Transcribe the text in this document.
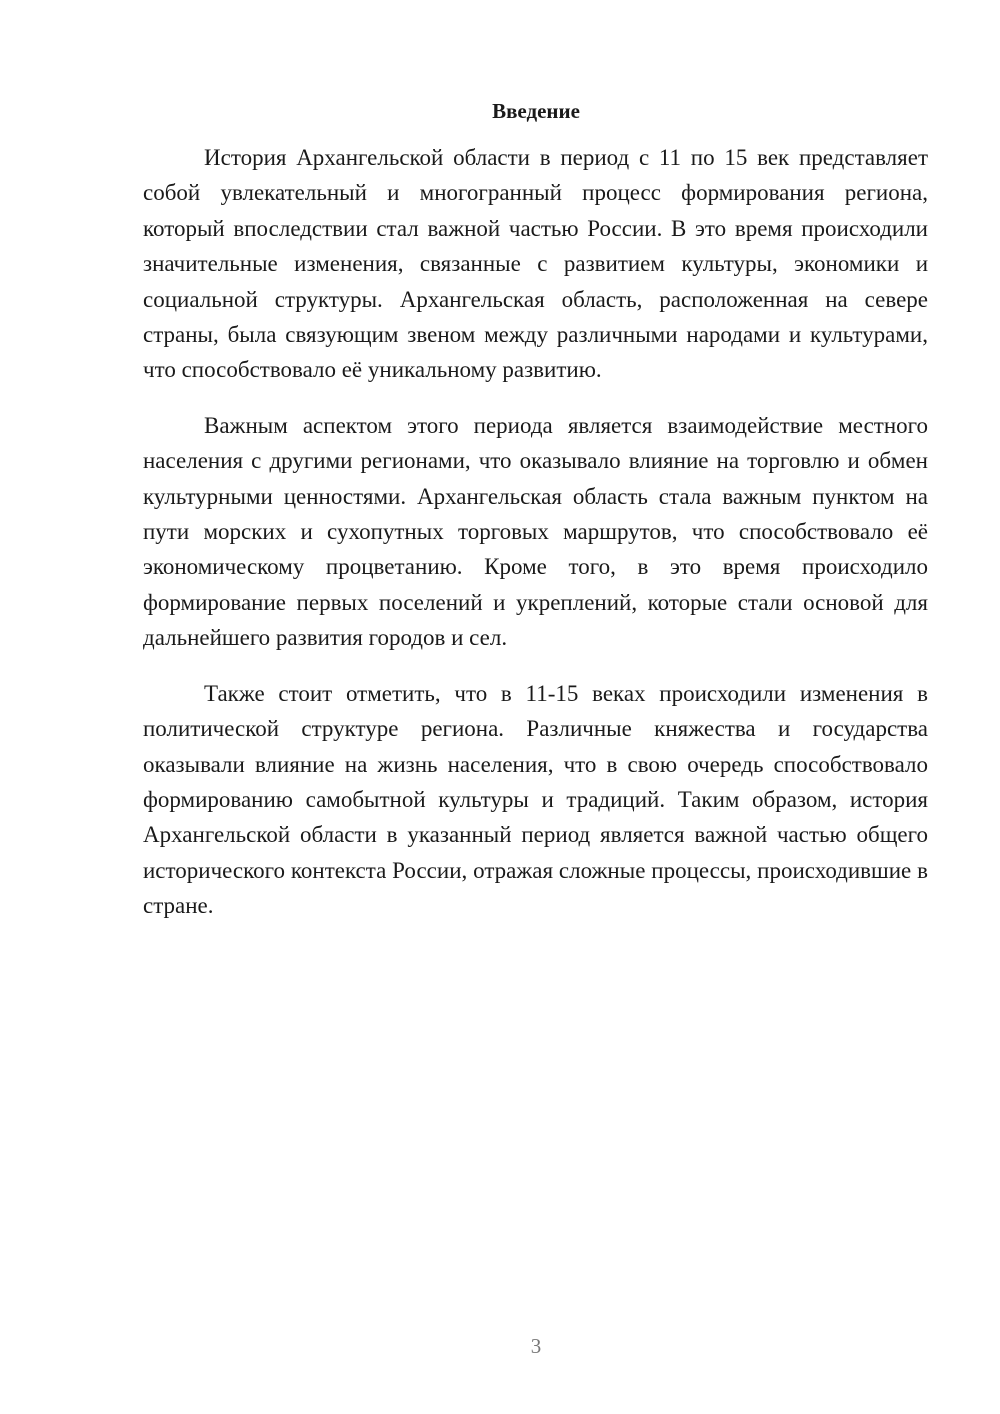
Введение

История Архангельской области в период с 11 по 15 век представляет собой увлекательный и многогранный процесс формирования региона, который впоследствии стал важной частью России. В это время происходили значительные изменения, связанные с развитием культуры, экономики и социальной структуры. Архангельская область, расположенная на севере страны, была связующим звеном между различными народами и культурами, что способствовало её уникальному развитию.

Важным аспектом этого периода является взаимодействие местного населения с другими регионами, что оказывало влияние на торговлю и обмен культурными ценностями. Архангельская область стала важным пунктом на пути морских и сухопутных торговых маршрутов, что способствовало её экономическому процветанию. Кроме того, в это время происходило формирование первых поселений и укреплений, которые стали основой для дальнейшего развития городов и сел.

Также стоит отметить, что в 11-15 веках происходили изменения в политической структуре региона. Различные княжества и государства оказывали влияние на жизнь населения, что в свою очередь способствовало формированию самобытной культуры и традиций. Таким образом, история Архангельской области в указанный период является важной частью общего исторического контекста России, отражая сложные процессы, происходившие в стране.

3
